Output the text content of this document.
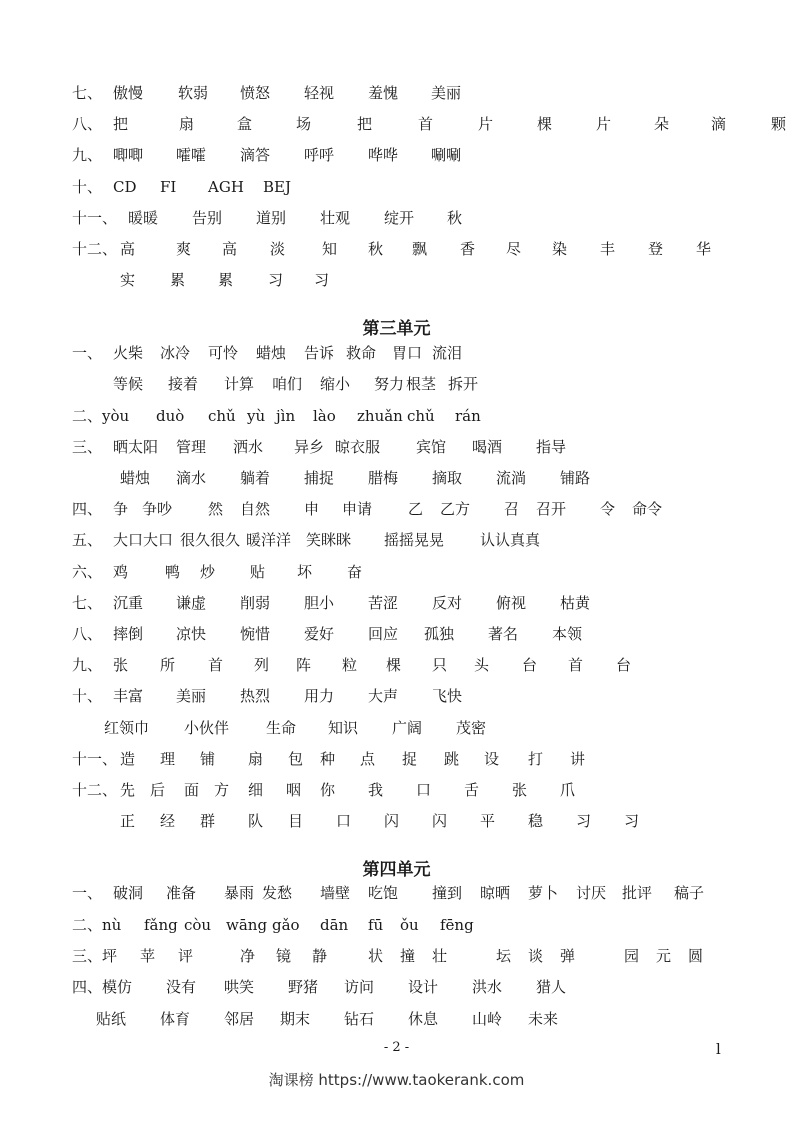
七、 傲慢 软弱 愤怒 轻视 羞愧 美丽
八、 把	扇	盒	场	把	首	片	棵	片	朵	滴	颗
九、 唧唧 嚯嚯 滴答 呼呼 哗哗 唰唰
十、 CD FI AGH BEJ
十一、 暖暖 告别 道别 壮观 绽开 秋
十二、 高	爽 高 淡 知 秋 飘 香 尽 染 丰 登 华
实 累 累 习 习
第三单元
一、 火柴 冰冷 可怜 蜡烛 告诉 救命 胃口 流泪
等候 接着 计算 咱们 缩小 努力 根茎 拆开
二、 yòu duò chǔ yù jìn lào zhuǎn chǔ rán
三、 晒太阳 管理 洒水 异乡 晾衣服 宾馆 喝酒 指导
蜡烛 滴水 躺着 捕捉 腊梅 摘取 流淌 铺路
四、 争 争吵 然 自然 申 申请 乙 乙方 召 召开 令 命令
五、 大口大口 很久很久 暖洋洋 笑眯眯 摇摇晃晃 认认真真
六、 鸡 鸭 炒 贴 坏 奋
七、 沉重 谦虚 削弱 胆小 苦涩 反对 俯视 枯黄
八、 摔倒 凉快 惋惜 爱好 回应 孤独 著名 本领
九、 张 所 首 列 阵 粒 棵 只 头 台 首 台
十、 丰富 美丽 热烈 用力 大声 飞快
红领巾 小伙伴 生命 知识 广阔 茂密
十一、 造 理 铺 扇 包 种 点 捉 跳 设 打 讲
十二、 先 后 面 方 细 咽 你 我 口 舌 张 爪
正 经 群 队 目 口 闪 闪 平 稳 习 习
第四单元
一、 破洞 准备 暴雨 发愁 墙壁 吃饱 撞到 晾晒 萝卜 讨厌 批评 稿子
二、 nù fǎng còu wāng gǎo dān fū ǒu fēng
三、 坪 苹 评	净 镜 静	状 撞 壮	坛 谈 弹	园 元 圆
四、 模仿 没有 哄笑 野猪 访问 设计 洪水 猎人
贴纸 体育 邻居 期末 钻石 休息 山岭 未来
- 2 -	l
淘课榜 https://www.taokerank.com
